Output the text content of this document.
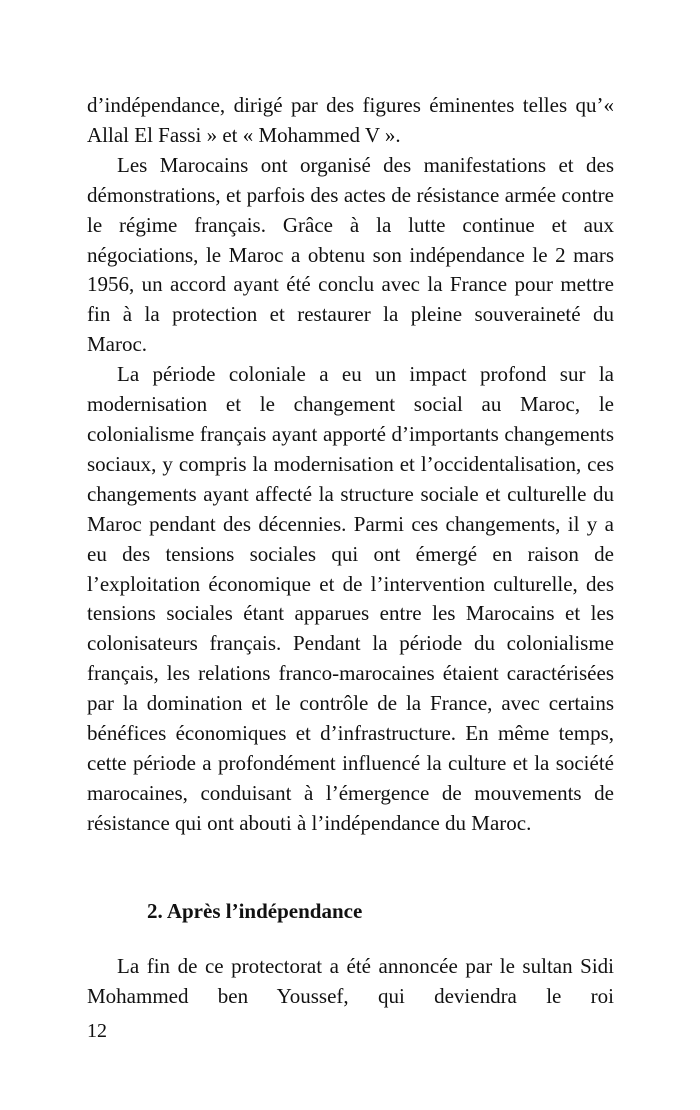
d’indépendance, dirigé par des figures éminentes telles qu’« Allal El Fassi » et « Mohammed V ».

Les Marocains ont organisé des manifestations et des démonstrations, et parfois des actes de résistance armée contre le régime français. Grâce à la lutte continue et aux négociations, le Maroc a obtenu son indépendance le 2 mars 1956, un accord ayant été conclu avec la France pour mettre fin à la protection et restaurer la pleine souveraineté du Maroc.

La période coloniale a eu un impact profond sur la modernisation et le changement social au Maroc, le colonialisme français ayant apporté d’importants changements sociaux, y compris la modernisation et l’occidentalisation, ces changements ayant affecté la structure sociale et culturelle du Maroc pendant des décennies. Parmi ces changements, il y a eu des tensions sociales qui ont émergé en raison de l’exploitation économique et de l’intervention culturelle, des tensions sociales étant apparues entre les Marocains et les colonisateurs français. Pendant la période du colonialisme français, les relations franco-marocaines étaient caractérisées par la domination et le contrôle de la France, avec certains bénéfices économiques et d’infrastructure. En même temps, cette période a profondément influencé la culture et la société marocaines, conduisant à l’émergence de mouvements de résistance qui ont abouti à l’indépendance du Maroc.

2. Après l’indépendance

La fin de ce protectorat a été annoncée par le sultan Sidi Mohammed ben Youssef, qui deviendra le roi

12
